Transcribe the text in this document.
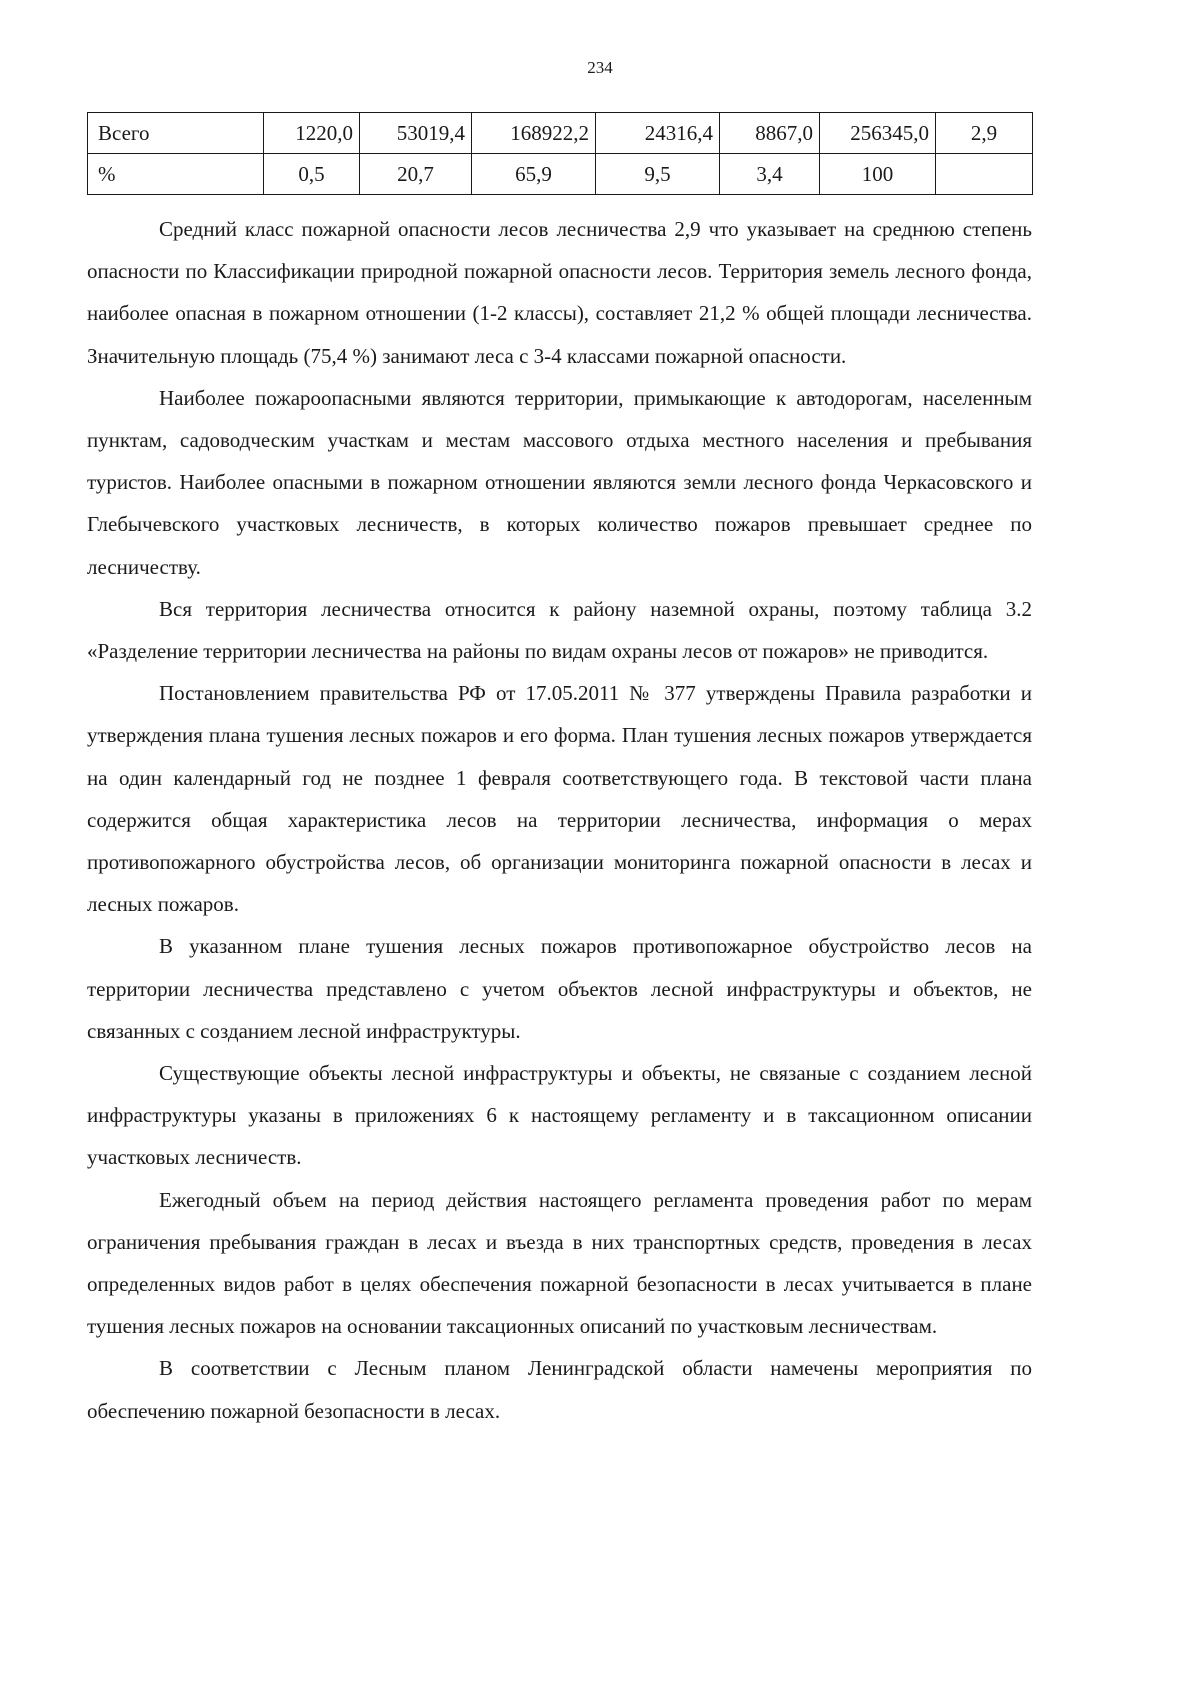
234
Всего	1220,0	53019,4	168922,2	24316,4	8867,0	256345,0	2,9
%	0,5	20,7	65,9	9,5	3,4	100	

Средний класс пожарной опасности лесов лесничества 2,9 что указывает на среднюю степень опасности по Классификации природной пожарной опасности лесов. Территория земель лесного фонда, наиболее опасная в пожарном отношении (1-2 классы), составляет 21,2 % общей площади лесничества. Значительную площадь (75,4 %) занимают леса с 3-4 классами пожарной опасности.

Наиболее пожароопасными являются территории, примыкающие к автодорогам, населенным пунктам, садоводческим участкам и местам массового отдыха местного населения и пребывания туристов. Наиболее опасными в пожарном отношении являются земли лесного фонда Черкасовского и Глебычевского участковых лесничеств, в которых количество пожаров превышает среднее по лесничеству.

Вся территория лесничества относится к району наземной охраны, поэтому таблица 3.2 «Разделение территории лесничества на районы по видам охраны лесов от пожаров» не приводится.

Постановлением правительства РФ от 17.05.2011 № 377 утверждены Правила разработки и утверждения плана тушения лесных пожаров и его форма. План тушения лесных пожаров утверждается на один календарный год не позднее 1 февраля соответствующего года. В текстовой части плана содержится общая характеристика лесов на территории лесничества, информация о мерах противопожарного обустройства лесов, об организации мониторинга пожарной опасности в лесах и лесных пожаров.

В указанном плане тушения лесных пожаров противопожарное обустройство лесов на территории лесничества представлено с учетом объектов лесной инфраструктуры и объектов, не связанных с созданием лесной инфраструктуры.

Существующие объекты лесной инфраструктуры и объекты, не связаные с созданием лесной инфраструктуры указаны в приложениях 6 к настоящему регламенту и в таксационном описании участковых лесничеств.

Ежегодный объем на период действия настоящего регламента проведения работ по мерам ограничения пребывания граждан в лесах и въезда в них транспортных средств, проведения в лесах определенных видов работ в целях обеспечения пожарной безопасности в лесах учитывается в плане тушения лесных пожаров на основании таксационных описаний по участковым лесничествам.

В соответствии с Лесным планом Ленинградской области намечены мероприятия по обеспечению пожарной безопасности в лесах.
